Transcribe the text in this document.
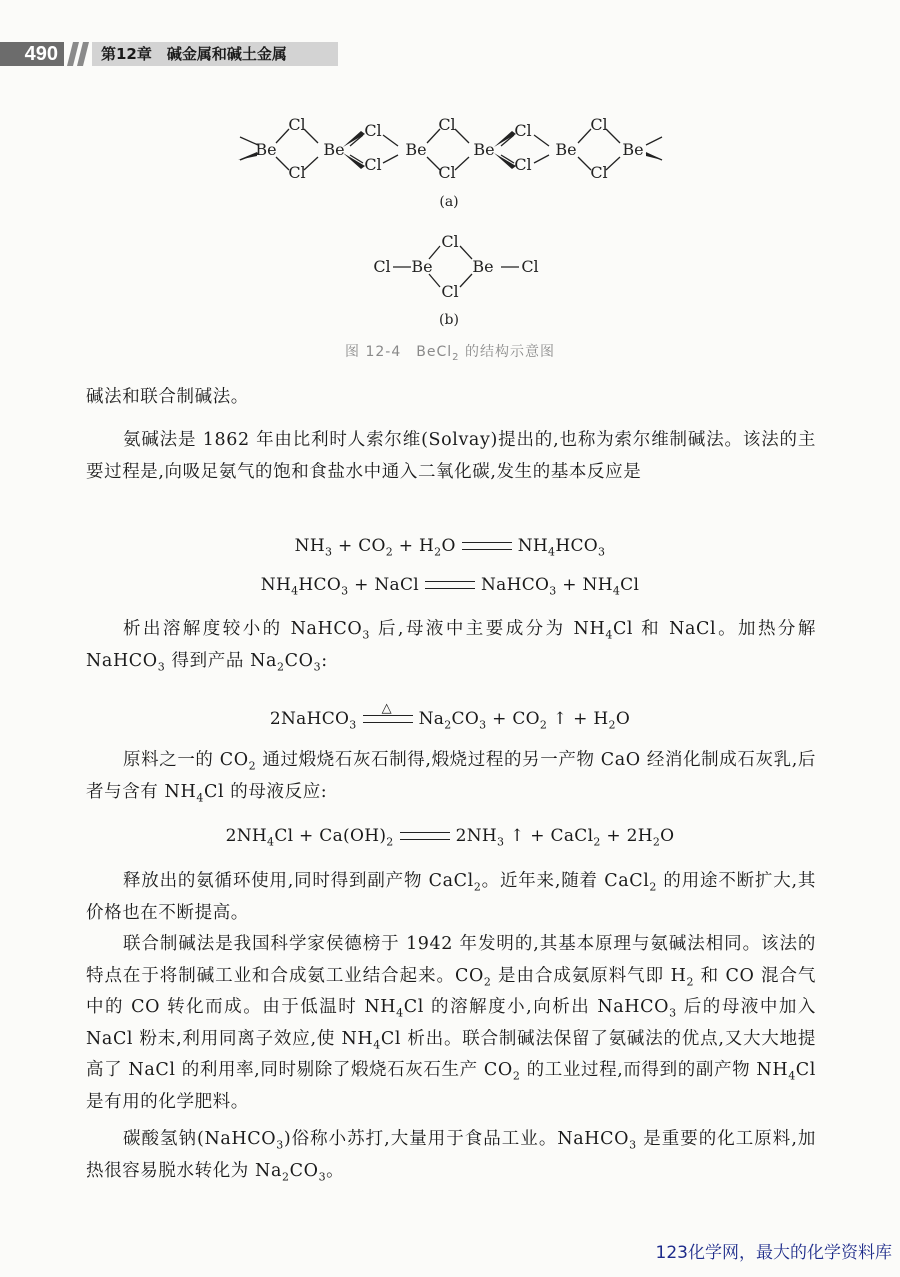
490	第12章　碱金属和碱土金属
Be	Be	Be	Be	Be	Be
Cl
Cl
Cl
Cl
Cl
Cl
Cl
Cl
Cl
Cl
(a)
Cl Be
Cl
Cl
Be Cl
(b)
图 12-4　BeCl$_2$ 的结构示意图

碱法和联合制碱法。

氨碱法是 1862 年由比利时人索尔维(Solvay)提出的,也称为索尔维制碱法。该法的主要过程是,向吸足氨气的饱和食盐水中通入二氧化碳,发生的基本反应是

$NH_3 + CO_2 + H_2O$	$NH_4HCO_3$
$NH_4HCO_3$ + NaCl	NaHCO$_3$ + $NH_4Cl$

析出溶解度较小的 NaHCO$_3$ 后,母液中主要成分为 $NH_4Cl$ 和 NaCl。加热分解 NaHCO$_3$ 得到产品 $Na_2CO_3$:

2NaHCO$_3$
△
$Na_2CO_3 + CO_2$ ↑ + $H_2O$

原料之一的 $CO_2$ 通过煅烧石灰石制得,煅烧过程的另一产物 CaO 经消化制成石灰乳,后者与含有 $NH_4Cl$ 的母液反应:

$2NH_4Cl + Ca(OH)_2$	$2NH_3$ ↑ + CaCl$_2$ + $2H_2O$

释放出的氨循环使用,同时得到副产物 CaCl$_2$。近年来,随着 CaCl$_2$ 的用途不断扩大,其价格也在不断提高。

联合制碱法是我国科学家侯德榜于 1942 年发明的,其基本原理与氨碱法相同。该法的特点在于将制碱工业和合成氨工业结合起来。$CO_2$ 是由合成氨原料气即 $H_2$ 和 CO 混合气中的 CO 转化而成。由于低温时 $NH_4Cl$ 的溶解度小,向析出 NaHCO$_3$ 后的母液中加入 NaCl 粉末,利用同离子效应,使 $NH_4Cl$ 析出。联合制碱法保留了氨碱法的优点,又大大地提高了 NaCl 的利用率,同时剔除了煅烧石灰石生产 $CO_2$ 的工业过程,而得到的副产物 $NH_4Cl$ 是有用的化学肥料。

碳酸氢钠(NaHCO$_3$)俗称小苏打,大量用于食品工业。NaHCO$_3$ 是重要的化工原料,加热很容易脱水转化为 $Na_2CO_3$。

123化学网，最大的化学资料库
